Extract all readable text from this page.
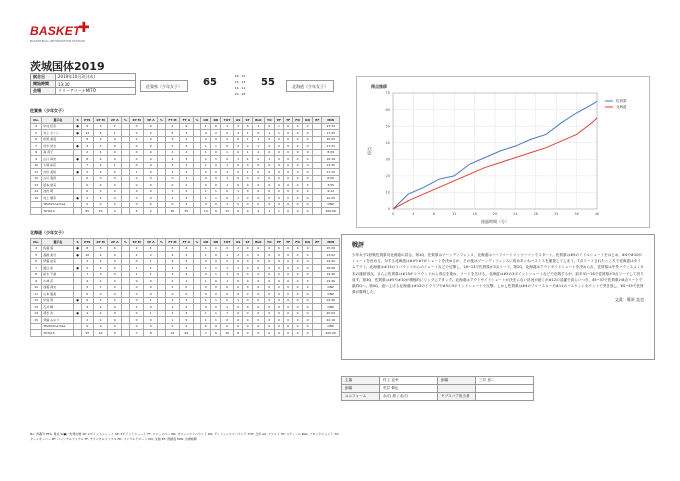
BASKET
✚
BASKETBALL INFORMATION STATION
茨城国体2019
試合日	2019年10月3日(木)
開始時間	13:30
会場	リリーアリーナMITO
佐賀県（少年女子）	65
16 - 13
15 - 13
14 - 11
20 - 18
55	北海道（少年女子）
佐賀県（少年女子）
No.	選手名	S	PTS	2P M	2P A	%	3P M	3P A	%	FT M	FT A	%	OR	DR	TOT	AS	ST	BLK	TO	PF	TF	FD	DQ	EF	MIN
4	中村 佳奈	●	9	3	2		0	0		2	9		1	0	1	1	3	1	0	1	0	0	0		13:33
5	井上 さくら	●	14	5	1		0	2		5	3		0	2	2	3	1	0	1	1	0	0	0		17:42
6	松尾 美羽		8	3	0		2	0		3	2		2	0	2	0	1	1	0	0	0	0	0		10:05
7	田中 結衣	●	4	2	0		0	0		2	4		1	1	0	2	0	1	0	0	0	0	0		17:21
8	森 莉子		2	1	0		0	0		1	1		1	0	1	0	1	1	0	0	0	0	0		8:09
9	山口 真央	●	8	4	0		0	0		4	3		2	1	0	1	2	0	1	0	0	0	0		16:18
10	大塚 彩花		7	2	1		0	0		3	1		1	0	1	0	0	0	0	0	0	0	0		13:45
11	吉田 美咲	●	5	2	0		1	0		2	3		0	0	3	0	1	0	0	0	0	0	0		11:15
12	古川 遥香		0	0	0		0	0		0	1		0	0	1	0	0	0	0	0	0	0	0		6:00
13	坂本 愛菜		0	0	0		0	0		0	2		0	0	1	0	0	0	0	0	0	0	0		3:55
14	池田 萌		6	2	0		2	0		3	3		1	1	0	1	0	0	0	0	0	0	0		9:12
15	村上 優奈	●	2	1	0		0	0		1	2		1	1	0	1	0	0	0	0	0	0	0		12:25
	TEAM/Coaches		0	0	0		0	0		0	2		0	0	1	0	0	0	0	0	0	0	0		DNP
	TOTALS		65	25	4		5	2		26	35		10	6	13	9	9	4	1	1	0	0	0		200:00
北海道（少年女子）
No.	選手名	S	PTS	2P M	2P A	%	3P M	3P A	%	FT M	FT A	%	OR	DR	TOT	AS	ST	BLK	TO	PF	TF	FD	DQ	EF	MIN
4	佐藤 遥	●	8	3	0		2	1		3	4		1	1	2	2	0	0	0	0	0	0	0		15:29
5	高橋 美月	●	10	4	0		2	2		4	2		1	0	1	2	0	0	0	0	0	0	0		13:02
6	伊藤 由菜		4	2	0		0	1		2	2		0	0	2	0	0	0	0	0	0	0	0		14:42
7	渡辺 彩	●	5	2	0		1	1		2	3		1	1	1	1	0	0	0	0	0	0	0		16:08
8	鈴木 千尋		7	3	0		1	1		3	2		0	1	1	0	0	0	0	0	0	0	0		19:40
9	小林 花		4	2	0		0	0		2	1		1	0	1	0	0	0	0	0	0	0	0		19:40
10	加藤 真央		2	1	0		0	0		1	0		0	0	0	0	0	0	0	0	0	0	0		DNP
11	山本 夏美		0	0	0		0	0		0	0		0	0	0	0	0	0	0	0	0	0	0		DNP
12	中島 葵	●	6	3	0		0	1		3	3		1	1	0	1	0	0	0	0	0	0	0		19:26
13	石井 舞		3	1	0		1	0		1	2		0	0	1	0	0	0	0	0	0	0	0		DNP
14	清水 杏	●	4	2	0		0	1		2	3		1	1	1	0	0	0	0	0	0	0	0		20:02
15	斉藤 みのり		2	1	0		0	0		1	5		1	1	0	0	0	0	0	0	0	0	0		22:16
	TEAM/Coaches		0	0	0		0	0		0	2		0	0	0	0	0	0	0	0	0	0	0		DNP
	TOTALS		55	24	0		7	8		24	29		7	6	10	8	0	0	0	0	0	0	0		200:00
No: 背番号 PTS: 得点 S(●): 先発出場 2P: 2ポイントシュート 3P: 3ポイントシュート FT: フリースロー OR: オフェンスリバウンド DR: ディフェンスリバウンド TOT: 合計 AS: アシスト ST: スティール BLK: ブロックショット TO: ターンオーバー PF: パーソナルファウル TF: テクニカルファウル FD: ファウルドローン DQ: 失格 EF: 貢献度 MIN: 出場時間
得点推移
0
10
20
30
40
50
60
70
0	4	8	12	16	20	24	28	32	36	40
経過時間（分）
得点
佐賀県
北海道
戦評
少年女子2回戦佐賀県対北海道の試合。第1Q、佐賀県はゾーンディフェンス、北海道はハーフコートマンツーマンでスタート。佐賀県は#5のミドルシュートをはじめ、#4や#10がシュートを決める。対する北海道は#4や#7がシュートを決めるが、その後はゾーンディフェンスに攻めあぐねバスミスを連発してしまう。7点リードされたところで北海道はタイムアウト。北海道は#15のリバウンドからのシュートなどで反撃し、16−13で佐賀県が3点リード。第2Q、北海道はアウトサイドシュートを決められ、佐賀県は中外バランスよく3本の連続得点。さらに佐賀県は#15がリバウンドから得点を重ね、リードを広げる。北海道は#5の3ポイントシュートなどで応戦するが、前半31−26で佐賀県が5点リードして折り返す。第3Q、佐賀県は#5や#10が積極的にリングにアタック。北海道はアウトサイドシュートが決まらない状況が続くが#12の活躍で食らいつき、45−37で佐賀県の8点リードで最終Qへ。第4Q、追い上げる北海道は#12のドライブや#5の3ポイントシュートで反撃。しかし佐賀県は#4のフリースローや#11のバスケットカウントで突き放し、65−55で佐賀県が勝利した。
文責：篠原 直也
主審	村上 克幸	副審	三井 裕二
副審	荒井 伸也		
ユニフォーム	赤/白 紺 / 赤/白	ヤブスコア担当者	
